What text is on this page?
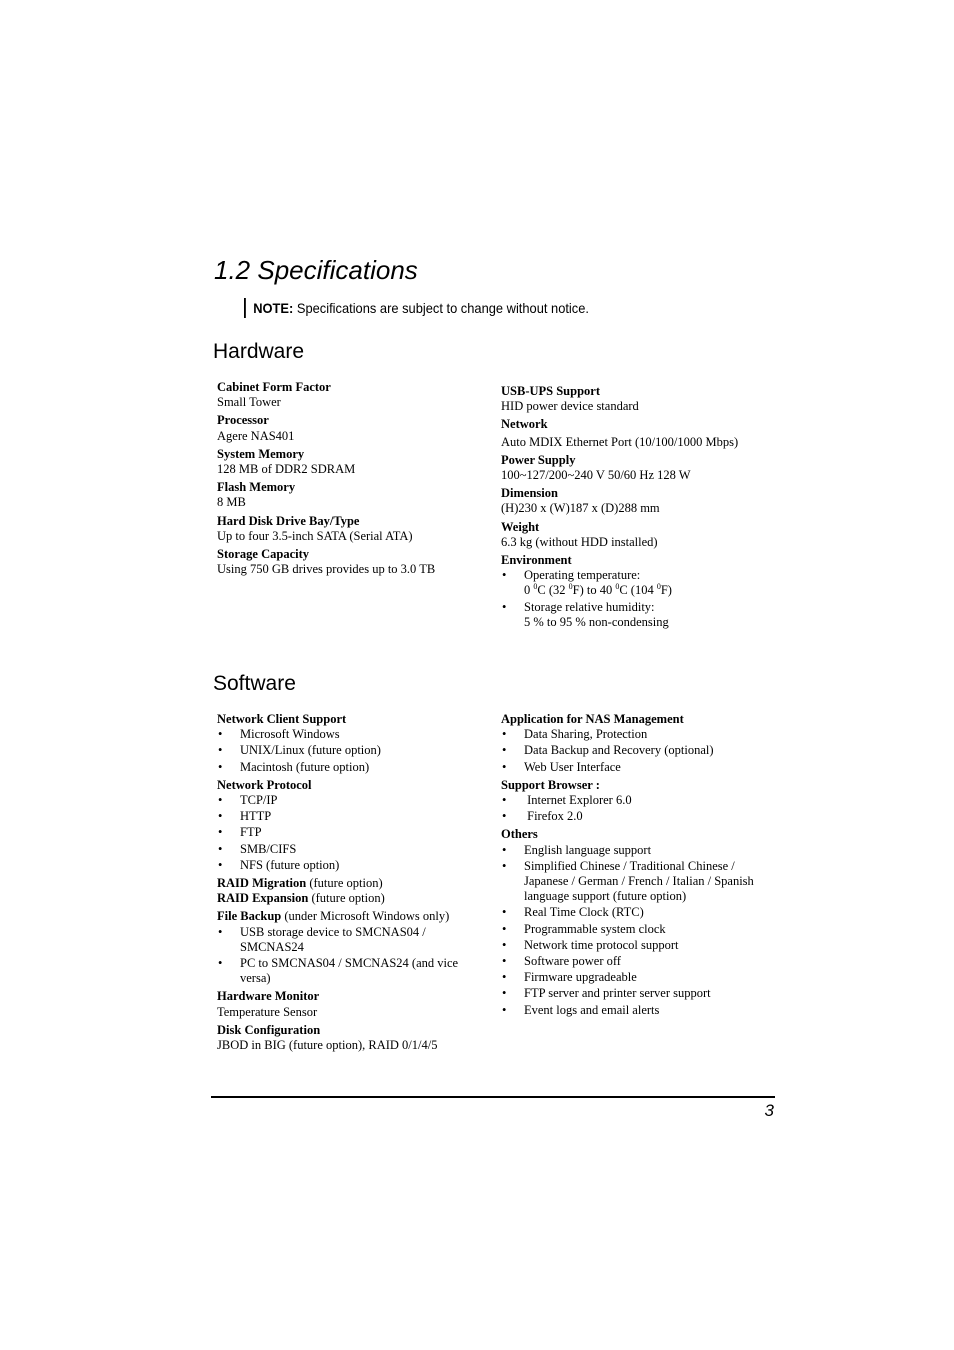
1.2 Specifications
NOTE: Specifications are subject to change without notice.
Hardware
Cabinet Form Factor
Small Tower
Processor
Agere NAS401
System Memory
128 MB of DDR2 SDRAM
Flash Memory
8 MB
Hard Disk Drive Bay/Type
Up to four 3.5-inch SATA (Serial ATA)
Storage Capacity
Using 750 GB drives provides up to 3.0 TB
USB-UPS Support
HID power device standard
Network
Auto MDIX Ethernet Port (10/100/1000 Mbps)
Power Supply
100~127/200~240 V 50/60 Hz 128 W
Dimension
(H)230 x (W)187 x (D)288 mm
Weight
6.3 kg (without HDD installed)
Environment
• Operating temperature:
0 $^0$C (32 $^0$F) to 40 $^0$C (104 $^0$F)
• Storage relative humidity:
5 % to 95 % non-condensing
Software
Network Client Support
• Microsoft Windows
• UNIX/Linux (future option)
• Macintosh (future option)
Network Protocol
• TCP/IP
• HTTP
• FTP
• SMB/CIFS
• NFS (future option)
RAID Migration (future option)
RAID Expansion (future option)
File Backup (under Microsoft Windows only)
• USB storage device to SMCNAS04 / SMCNAS24
• PC to SMCNAS04 / SMCNAS24 (and vice versa)
Hardware Monitor
Temperature Sensor
Disk Configuration
JBOD in BIG (future option), RAID 0/1/4/5
Application for NAS Management
• Data Sharing, Protection
• Data Backup and Recovery (optional)
• Web User Interface
Support Browser :
•  Internet Explorer 6.0
•  Firefox 2.0
Others
• English language support
• Simplified Chinese / Traditional Chinese / Japanese / German / French / Italian / Spanish language support (future option)
• Real Time Clock (RTC)
• Programmable system clock
• Network time protocol support
• Software power off
• Firmware upgradeable
• FTP server and printer server support
• Event logs and email alerts
3
